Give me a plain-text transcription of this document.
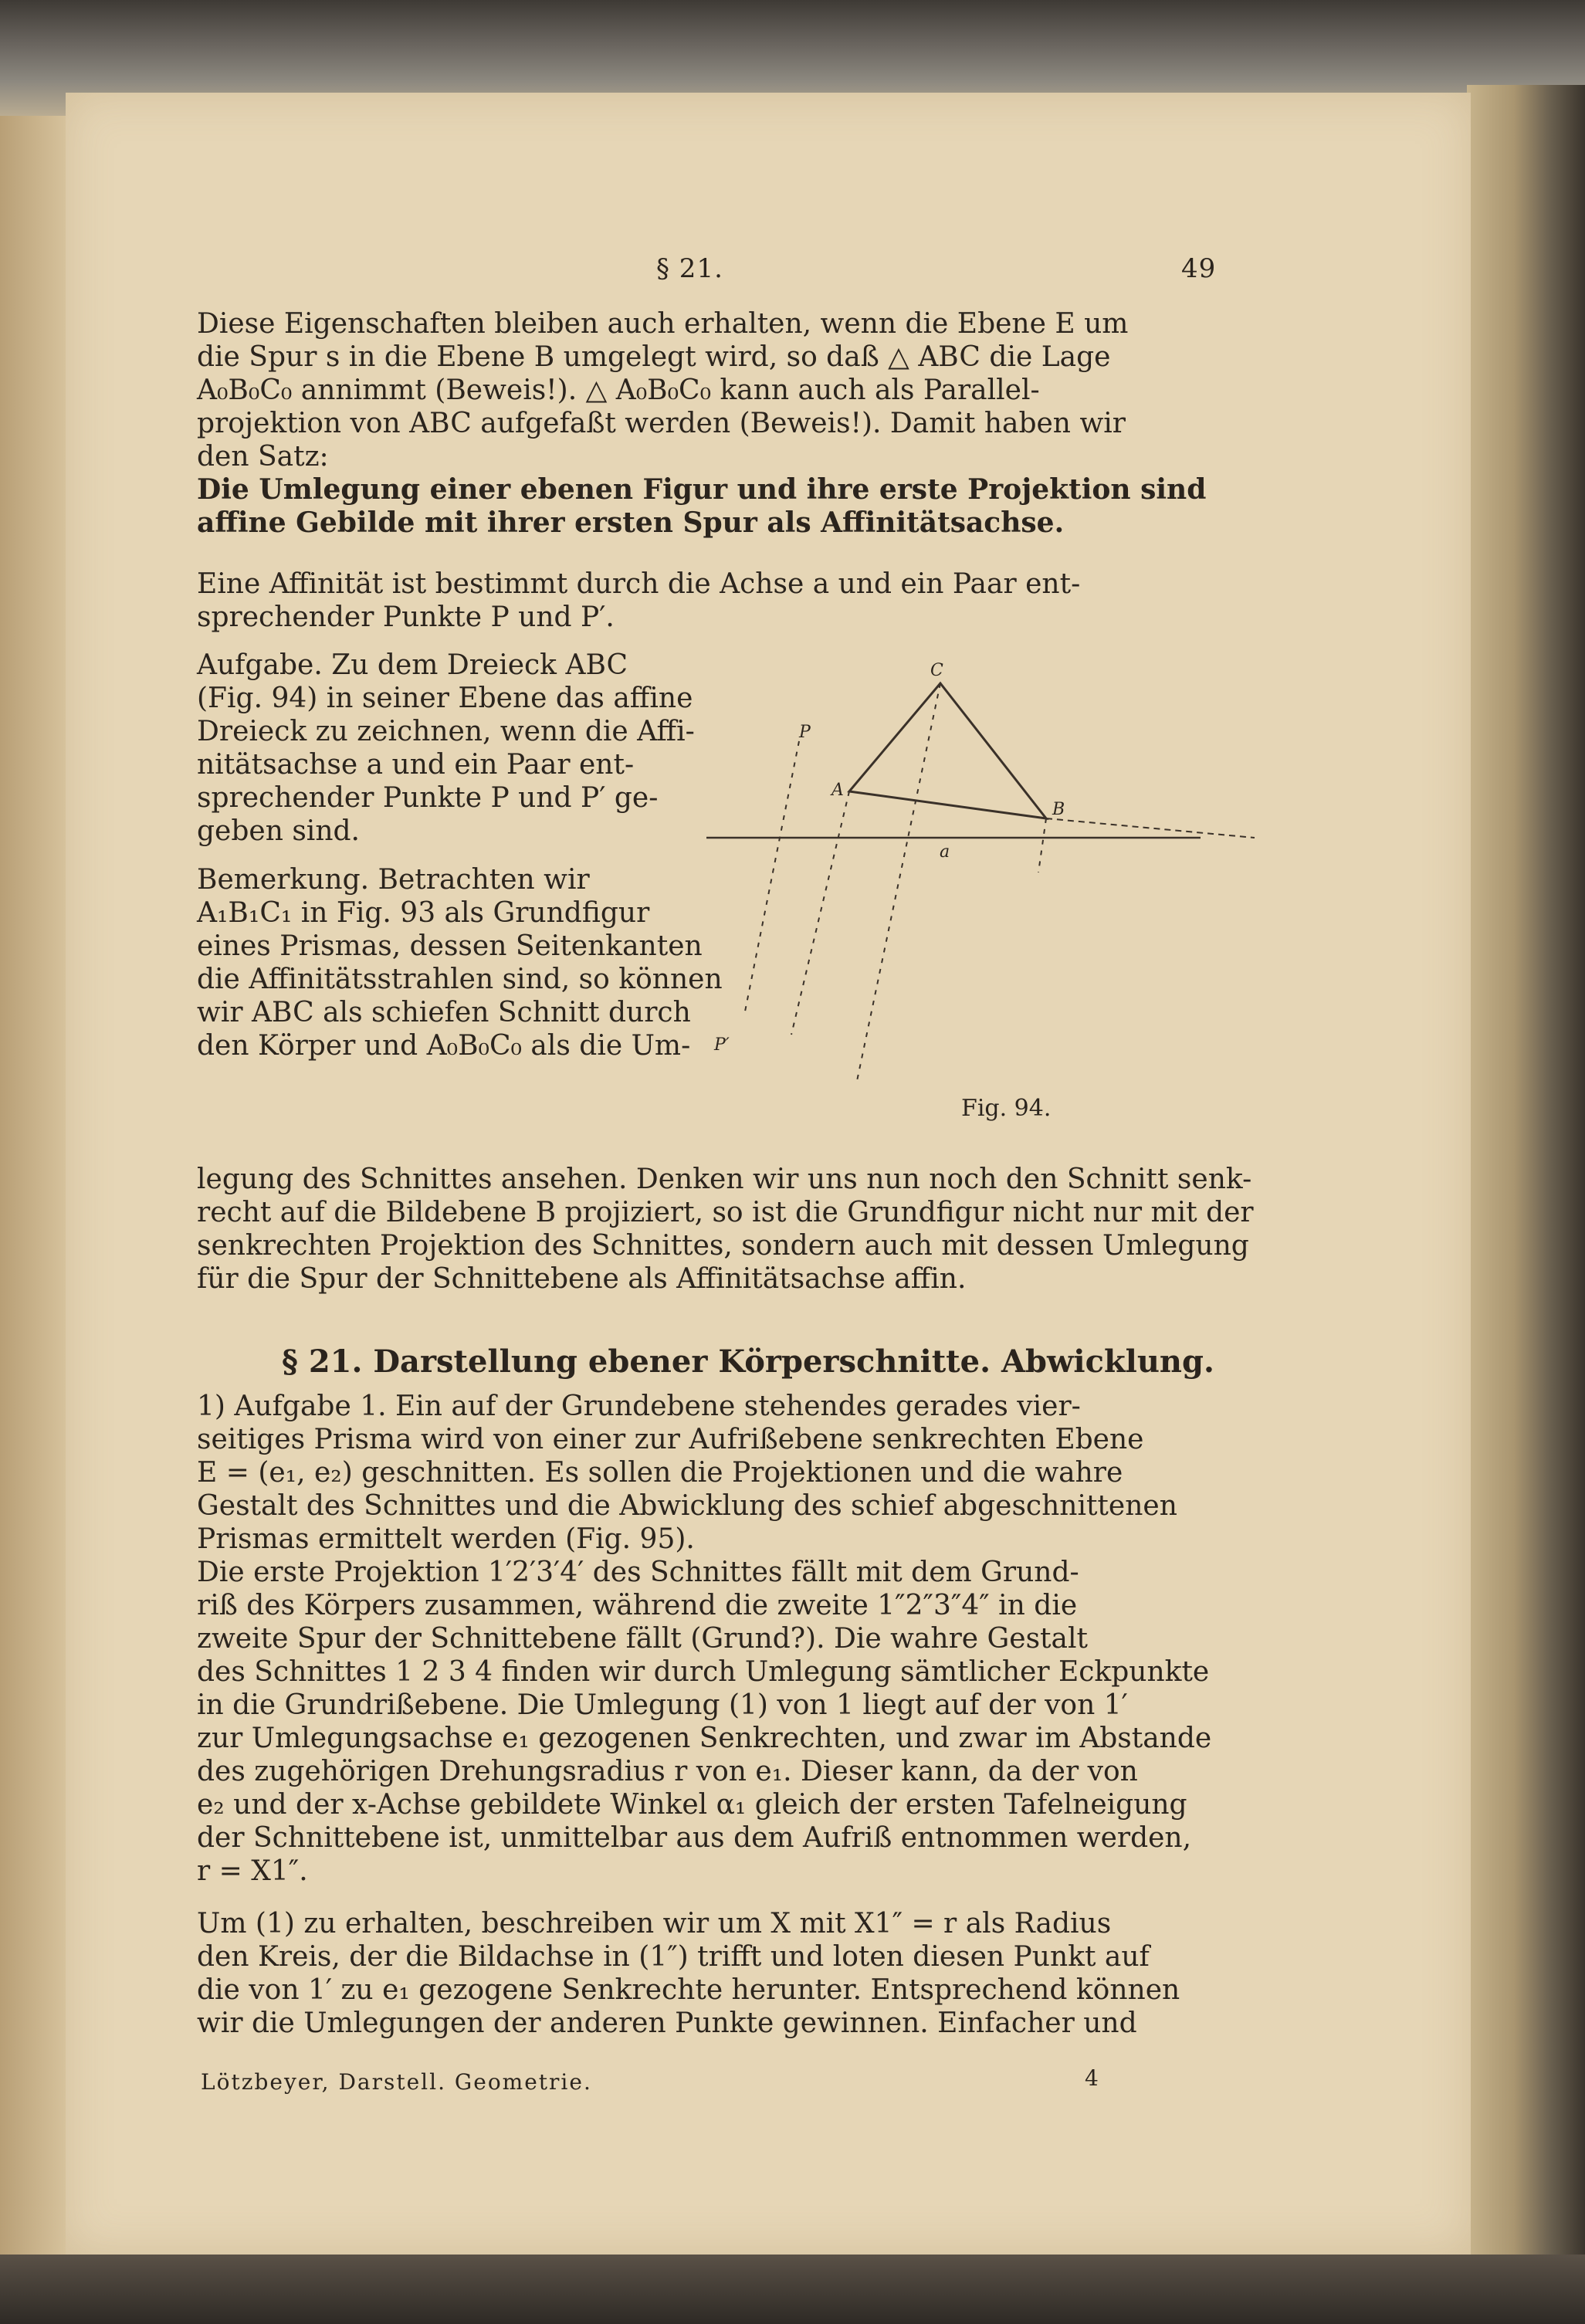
§ 21.	49
Diese Eigenschaften bleiben auch erhalten, wenn die Ebene E um
die Spur s in die Ebene B umgelegt wird, so daß △ ABC die Lage
A₀B₀C₀ annimmt (Beweis!). △ A₀B₀C₀ kann auch als Parallel-
projektion von ABC aufgefaßt werden (Beweis!). Damit haben wir
den Satz:
Die Umlegung einer ebenen Figur und ihre erste Projektion sind
affine Gebilde mit ihrer ersten Spur als Affinitätsachse.
Eine Affinität ist bestimmt durch die Achse a und ein Paar ent-
sprechender Punkte P und P′.
Aufgabe. Zu dem Dreieck ABC
(Fig. 94) in seiner Ebene das affine
Dreieck zu zeichnen, wenn die Affi-
nitätsachse a und ein Paar ent-
sprechender Punkte P und P′ ge-
geben sind.
Bemerkung. Betrachten wir
A₁B₁C₁ in Fig. 93 als Grundfigur
eines Prismas, dessen Seitenkanten
die Affinitätsstrahlen sind, so können
wir ABC als schiefen Schnitt durch
den Körper und A₀B₀C₀ als die Um-
C
P
A
B
a
P′
Fig. 94.
legung des Schnittes ansehen. Denken wir uns nun noch den Schnitt senk-
recht auf die Bildebene B projiziert, so ist die Grundfigur nicht nur mit der
senkrechten Projektion des Schnittes, sondern auch mit dessen Umlegung
für die Spur der Schnittebene als Affinitätsachse affin.
§ 21. Darstellung ebener Körperschnitte. Abwicklung.
1) Aufgabe 1. Ein auf der Grundebene stehendes gerades vier-
seitiges Prisma wird von einer zur Aufrißebene senkrechten Ebene
E = (e₁, e₂) geschnitten. Es sollen die Projektionen und die wahre
Gestalt des Schnittes und die Abwicklung des schief abgeschnittenen
Prismas ermittelt werden (Fig. 95).
Die erste Projektion 1′2′3′4′ des Schnittes fällt mit dem Grund-
riß des Körpers zusammen, während die zweite 1″2″3″4″ in die
zweite Spur der Schnittebene fällt (Grund?). Die wahre Gestalt
des Schnittes 1 2 3 4 finden wir durch Umlegung sämtlicher Eckpunkte
in die Grundrißebene. Die Umlegung (1) von 1 liegt auf der von 1′
zur Umlegungsachse e₁ gezogenen Senkrechten, und zwar im Abstande
des zugehörigen Drehungsradius r von e₁. Dieser kann, da der von
e₂ und der x-Achse gebildete Winkel α₁ gleich der ersten Tafelneigung
der Schnittebene ist, unmittelbar aus dem Aufriß entnommen werden,
r = X1″.
Um (1) zu erhalten, beschreiben wir um X mit X1″ = r als Radius
den Kreis, der die Bildachse in (1″) trifft und loten diesen Punkt auf
die von 1′ zu e₁ gezogene Senkrechte herunter. Entsprechend können
wir die Umlegungen der anderen Punkte gewinnen. Einfacher und
Lötzbeyer, Darstell. Geometrie.	4
